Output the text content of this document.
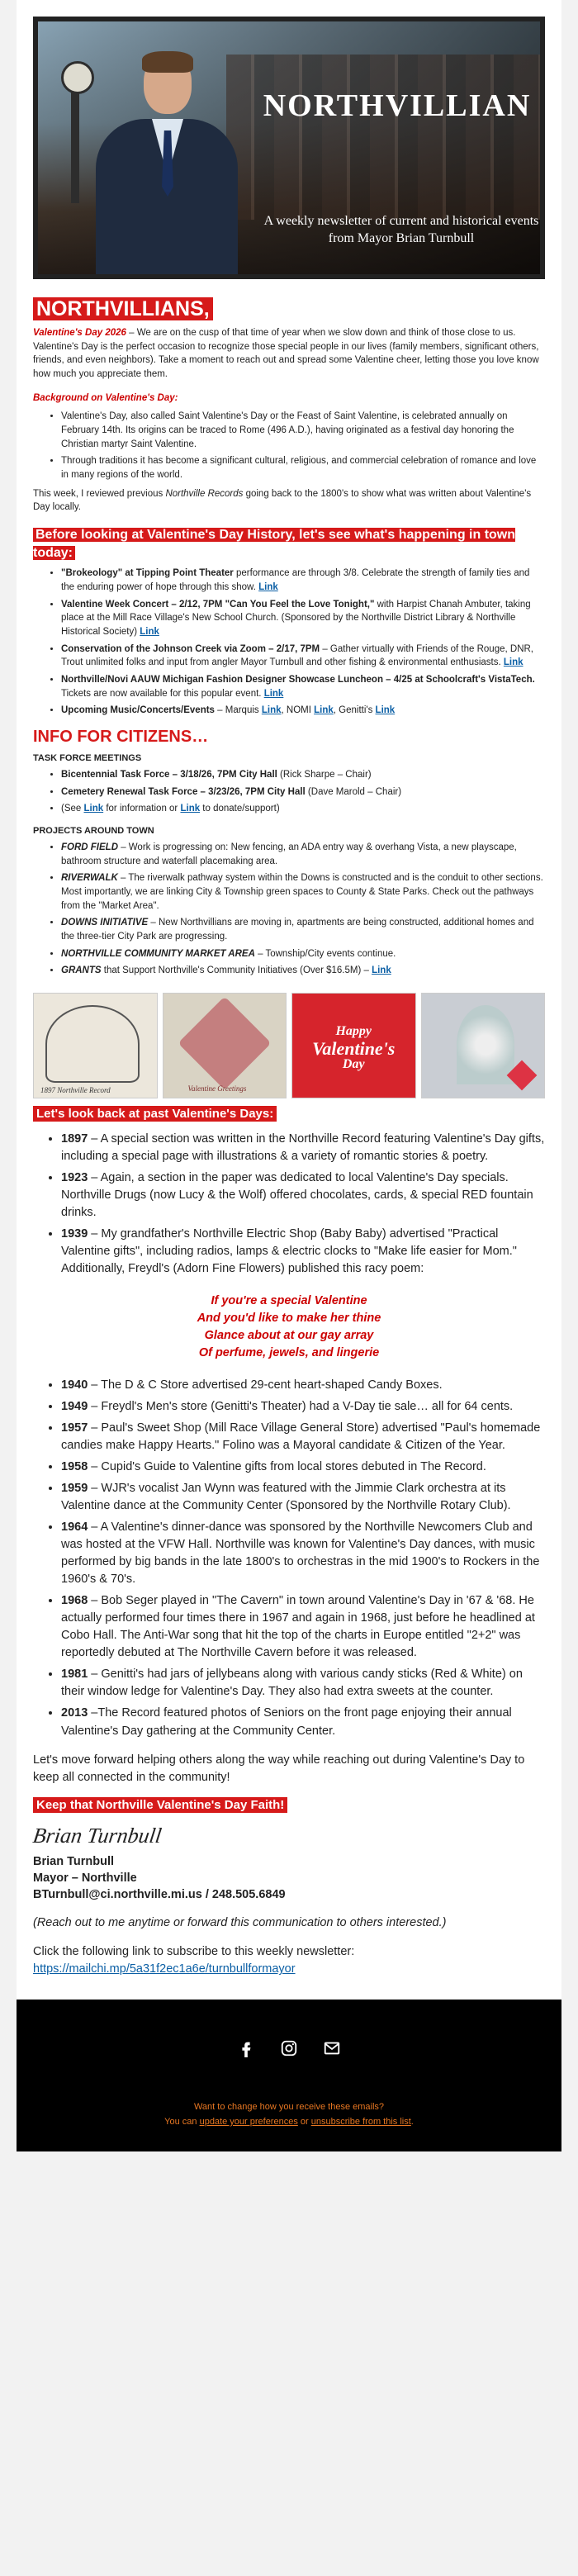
NORTHVILLIAN
A weekly newsletter of current and historical events from Mayor Brian Turnbull
NORTHVILLIANS,

Valentine's Day 2026 – We are on the cusp of that time of year when we slow down and think of those close to us. Valentine's Day is the perfect occasion to recognize those special people in our lives (family members, significant others, friends, and even neighbors). Take a moment to reach out and spread some Valentine cheer, letting those you love know how much you appreciate them.

Background on Valentine's Day:

• Valentine's Day, also called Saint Valentine's Day or the Feast of Saint Valentine, is celebrated annually on February 14th. Its origins can be traced to Rome (496 A.D.), having originated as a festival day honoring the Christian martyr Saint Valentine.
• Through traditions it has become a significant cultural, religious, and commercial celebration of romance and love in many regions of the world.

This week, I reviewed previous Northville Records going back to the 1800's to show what was written about Valentine's Day locally.

Before looking at Valentine's Day History, let's see what's happening in town today:
• "Brokeology" at Tipping Point Theater performance are through 3/8. Celebrate the strength of family ties and the enduring power of hope through this show. Link
• Valentine Week Concert – 2/12, 7PM "Can You Feel the Love Tonight," with Harpist Chanah Ambuter, taking place at the Mill Race Village's New School Church. (Sponsored by the Northville District Library & Northville Historical Society) Link
• Conservation of the Johnson Creek via Zoom – 2/17, 7PM – Gather virtually with Friends of the Rouge, DNR, Trout unlimited folks and input from angler Mayor Turnbull and other fishing & environmental enthusiasts. Link
• Northville/Novi AAUW Michigan Fashion Designer Showcase Luncheon – 4/25 at Schoolcraft's VistaTech. Tickets are now available for this popular event. Link
• Upcoming Music/Concerts/Events – Marquis Link, NOMI Link, Genitti's Link
INFO FOR CITIZENS…
TASK FORCE MEETINGS
• Bicentennial Task Force – 3/18/26, 7PM City Hall (Rick Sharpe – Chair)
• Cemetery Renewal Task Force – 3/23/26, 7PM City Hall (Dave Marold – Chair)
• (See Link for information or Link to donate/support)
PROJECTS AROUND TOWN
• FORD FIELD – Work is progressing on: New fencing, an ADA entry way & overhang Vista, a new playscape, bathroom structure and waterfall placemaking area.
• RIVERWALK – The riverwalk pathway system within the Downs is constructed and is the conduit to other sections. Most importantly, we are linking City & Township green spaces to County & State Parks. Check out the pathways from the "Market Area".
• DOWNS INITIATIVE – New Northvillians are moving in, apartments are being constructed, additional homes and the three-tier City Park are progressing.
• NORTHVILLE COMMUNITY MARKET AREA – Township/City events continue.
• GRANTS that Support Northville's Community Initiatives (Over $16.5M) – Link
1897 Northville Record	Valentine Greetings
Happy
Valentine's
Day
Let's look back at past Valentine's Days:
• 1897 – A special section was written in the Northville Record featuring Valentine's Day gifts, including a special page with illustrations & a variety of romantic stories & poetry.
• 1923 – Again, a section in the paper was dedicated to local Valentine's Day specials. Northville Drugs (now Lucy & the Wolf) offered chocolates, cards, & special RED fountain drinks.
• 1939 – My grandfather's Northville Electric Shop (Baby Baby) advertised "Practical Valentine gifts", including radios, lamps & electric clocks to "Make life easier for Mom." Additionally, Freydl's (Adorn Fine Flowers) published this racy poem:
If you're a special Valentine
And you'd like to make her thine
Glance about at our gay array
Of perfume, jewels, and lingerie
• 1940 – The D & C Store advertised 29-cent heart-shaped Candy Boxes.
• 1949 – Freydl's Men's store (Genitti's Theater) had a V-Day tie sale… all for 64 cents.
• 1957 – Paul's Sweet Shop (Mill Race Village General Store) advertised "Paul's homemade candies make Happy Hearts." Folino was a Mayoral candidate & Citizen of the Year.
• 1958 – Cupid's Guide to Valentine gifts from local stores debuted in The Record.
• 1959 – WJR's vocalist Jan Wynn was featured with the Jimmie Clark orchestra at its Valentine dance at the Community Center (Sponsored by the Northville Rotary Club).
• 1964 – A Valentine's dinner-dance was sponsored by the Northville Newcomers Club and was hosted at the VFW Hall. Northville was known for Valentine's Day dances, with music performed by big bands in the late 1800's to orchestras in the mid 1900's to Rockers in the 1960's & 70's.
• 1968 – Bob Seger played in "The Cavern" in town around Valentine's Day in '67 & '68. He actually performed four times there in 1967 and again in 1968, just before he headlined at Cobo Hall. The Anti-War song that hit the top of the charts in Europe entitled "2+2" was reportedly debuted at The Northville Cavern before it was released.
• 1981 – Genitti's had jars of jellybeans along with various candy sticks (Red & White) on their window ledge for Valentine's Day. They also had extra sweets at the counter.
• 2013 –The Record featured photos of Seniors on the front page enjoying their annual Valentine's Day gathering at the Community Center.

Let's move forward helping others along the way while reaching out during Valentine's Day to keep all connected in the community!

Keep that Northville Valentine's Day Faith!
Brian Turnbull
Brian Turnbull
Mayor – Northville
BTurnbull@ci.northville.mi.us / 248.505.6849

(Reach out to me anytime or forward this communication to others interested.)

Click the following link to subscribe to this weekly newsletter:
https://mailchi.mp/5a31f2ec1a6e/turnbullformayor

Want to change how you receive these emails?
You can update your preferences or unsubscribe from this list.
